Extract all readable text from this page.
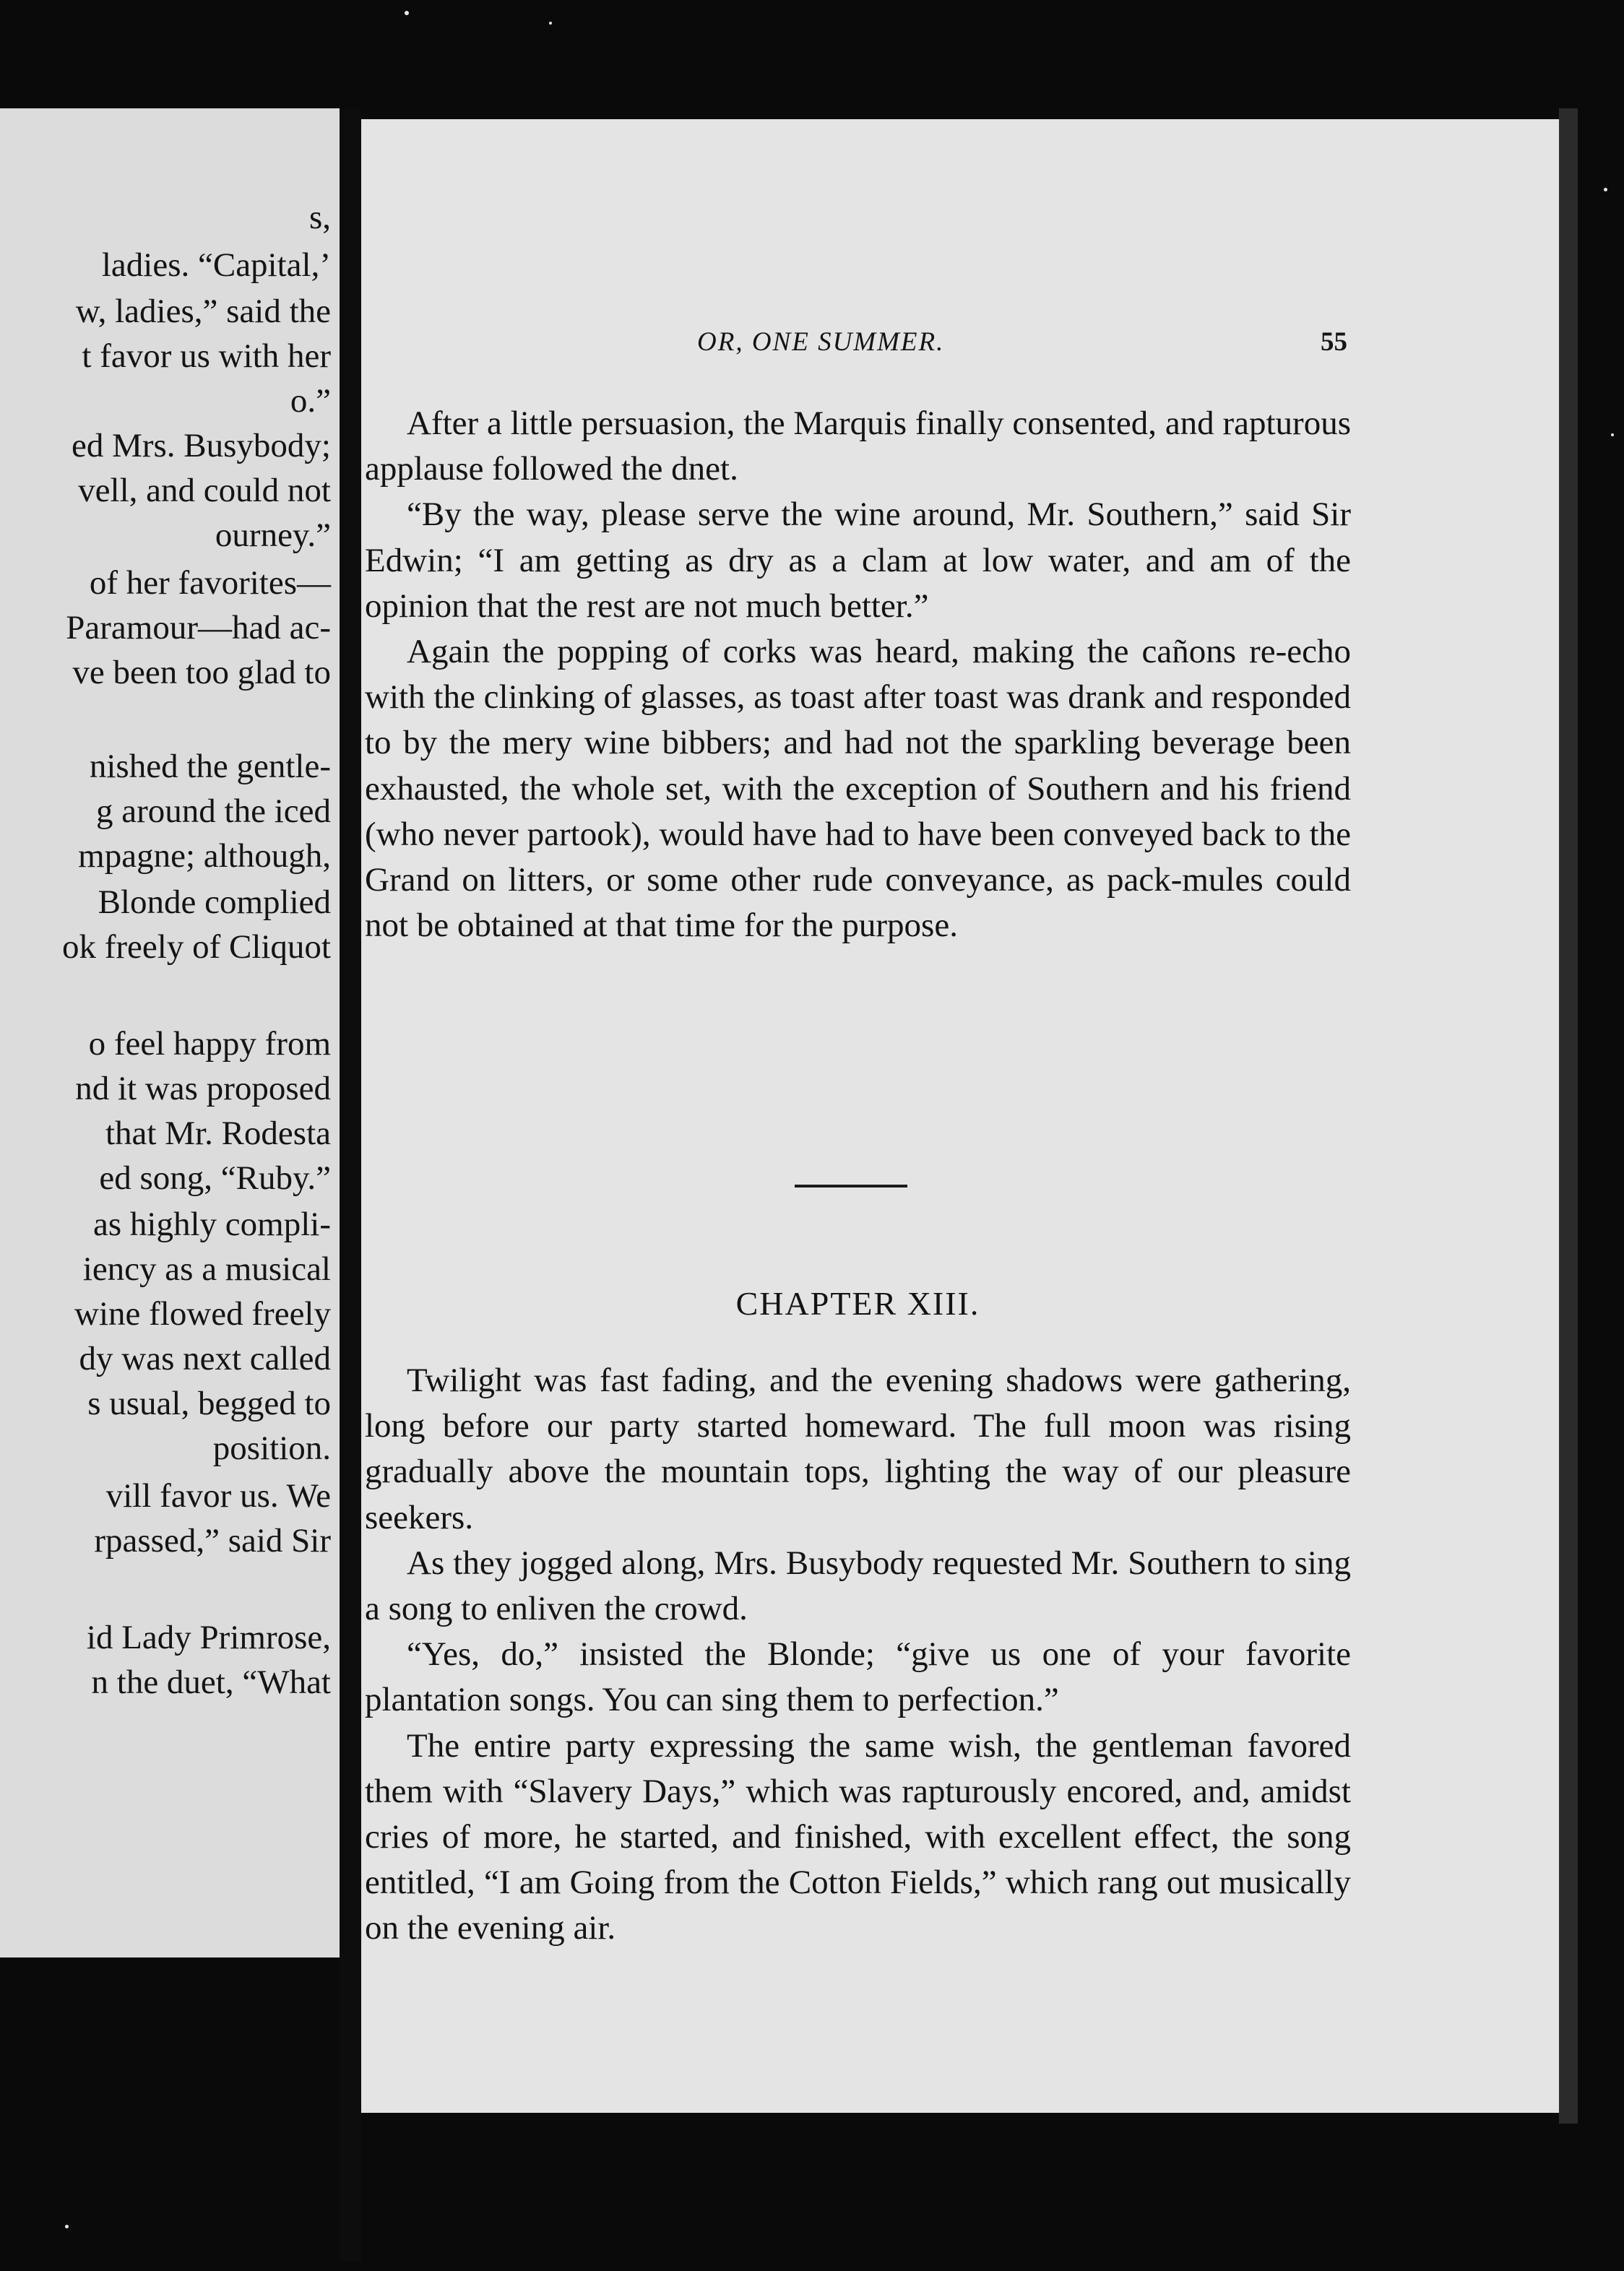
s,
ladies. “Capital,’
w, ladies,” said the
t favor us with her
o.”
ed Mrs. Busybody;
vell, and could not
ourney.”
of her favorites—
Paramour—had ac-
ve been too glad to
nished the gentle-
g around the iced
mpagne; although,
Blonde complied
ok freely of Cliquot
o feel happy from
nd it was proposed
that Mr. Rodesta
ed song, “Ruby.”
as highly compli-
iency as a musical
wine flowed freely
dy was next called
s usual, begged to
position.
vill favor us. We
rpassed,” said Sir
id Lady Primrose,
n the duet, “What
OR, ONE SUMMER.	55

After a little persuasion, the Marquis finally consented, and rapturous applause followed the dnet.

“By the way, please serve the wine around, Mr. Southern,” said Sir Edwin; “I am getting as dry as a clam at low water, and am of the opinion that the rest are not much better.”

Again the popping of corks was heard, making the cañons re-echo with the clinking of glasses, as toast after toast was drank and responded to by the mery wine bibbers; and had not the sparkling beverage been exhausted, the whole set, with the exception of Southern and his friend (who never partook), would have had to have been conveyed back to the Grand on litters, or some other rude conveyance, as pack-mules could not be obtained at that time for the purpose.

CHAPTER XIII.

Twilight was fast fading, and the evening shadows were gathering, long before our party started homeward. The full moon was rising gradually above the mountain tops, lighting the way of our pleasure seekers.

As they jogged along, Mrs. Busybody requested Mr. Southern to sing a song to enliven the crowd.

“Yes, do,” insisted the Blonde; “give us one of your favorite plantation songs. You can sing them to perfection.”

The entire party expressing the same wish, the gentleman favored them with “Slavery Days,” which was rapturously encored, and, amidst cries of more, he started, and finished, with excellent effect, the song entitled, “I am Going from the Cotton Fields,” which rang out musically on the evening air.
